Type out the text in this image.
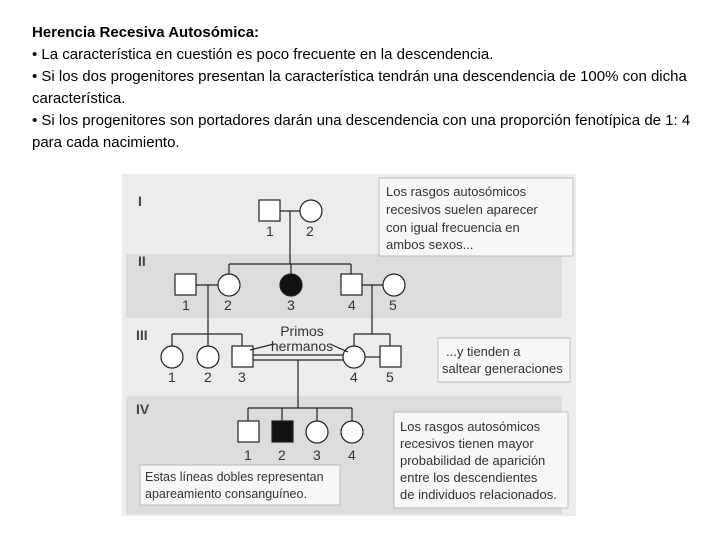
Herencia Recesiva Autosómica:

• La característica en cuestión es poco frecuente en la descendencia.

• Si los dos progenitores presentan la característica tendrán una descendencia de 100% con dicha característica.

• Si los progenitores son portadores darán una descendencia con una proporción fenotípica de 1: 4 para cada nacimiento.

I
II
III
IV
1 2
1 2	3	4 5
1 2 3	4 5
1 2 3 4
Primos
hermanos
Los rasgos autosómicos
recesivos suelen aparecer
con igual frecuencia en
ambos sexos...
...y tienden a
saltear generaciones
Los rasgos autosómicos
recesivos tienen mayor
probabilidad de aparición
entre los descendientes
de individuos relacionados.
Estas líneas dobles representan
apareamiento consanguíneo.
